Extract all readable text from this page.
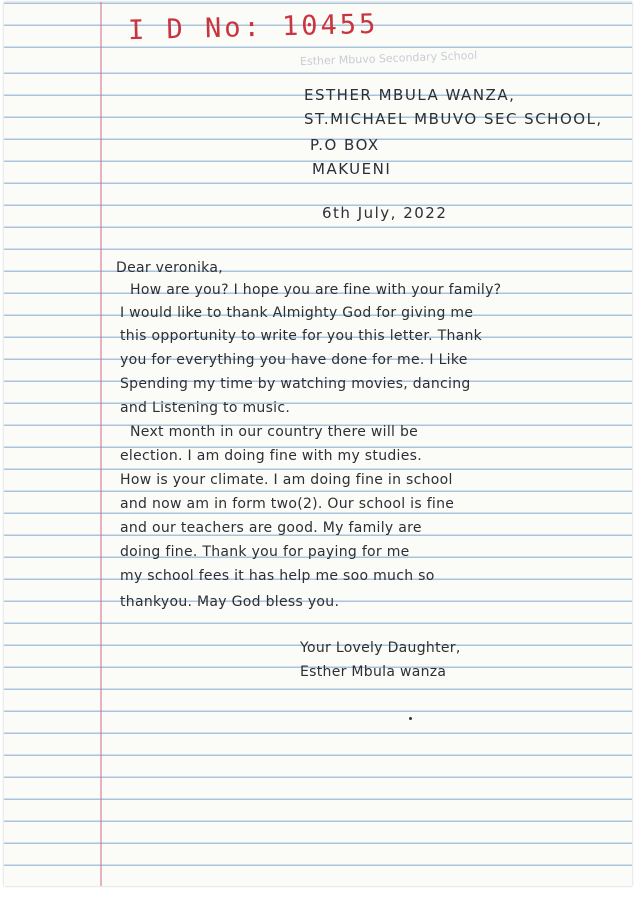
I D No: 10455
Esther Mbuvo Secondary School
ESTHER MBULA WANZA,
ST.MICHAEL MBUVO SEC SCHOOL,
P.O BOX
MAKUENI
6th July, 2022
Dear veronika,
How are you? I hope you are fine with your family?
I would like to thank Almighty God for giving me
this opportunity to write for you this letter. Thank
you for everything you have done for me. I Like
Spending my time by watching movies, dancing
and Listening to music.
Next month in our country there will be
election. I am doing fine with my studies.
How is your climate. I am doing fine in school
and now am in form two(2). Our school is fine
and our teachers are good. My family are
doing fine. Thank you for paying for me
my school fees it has help me soo much so
thankyou. May God bless you.
Your Lovely Daughter,
Esther Mbula wanza
